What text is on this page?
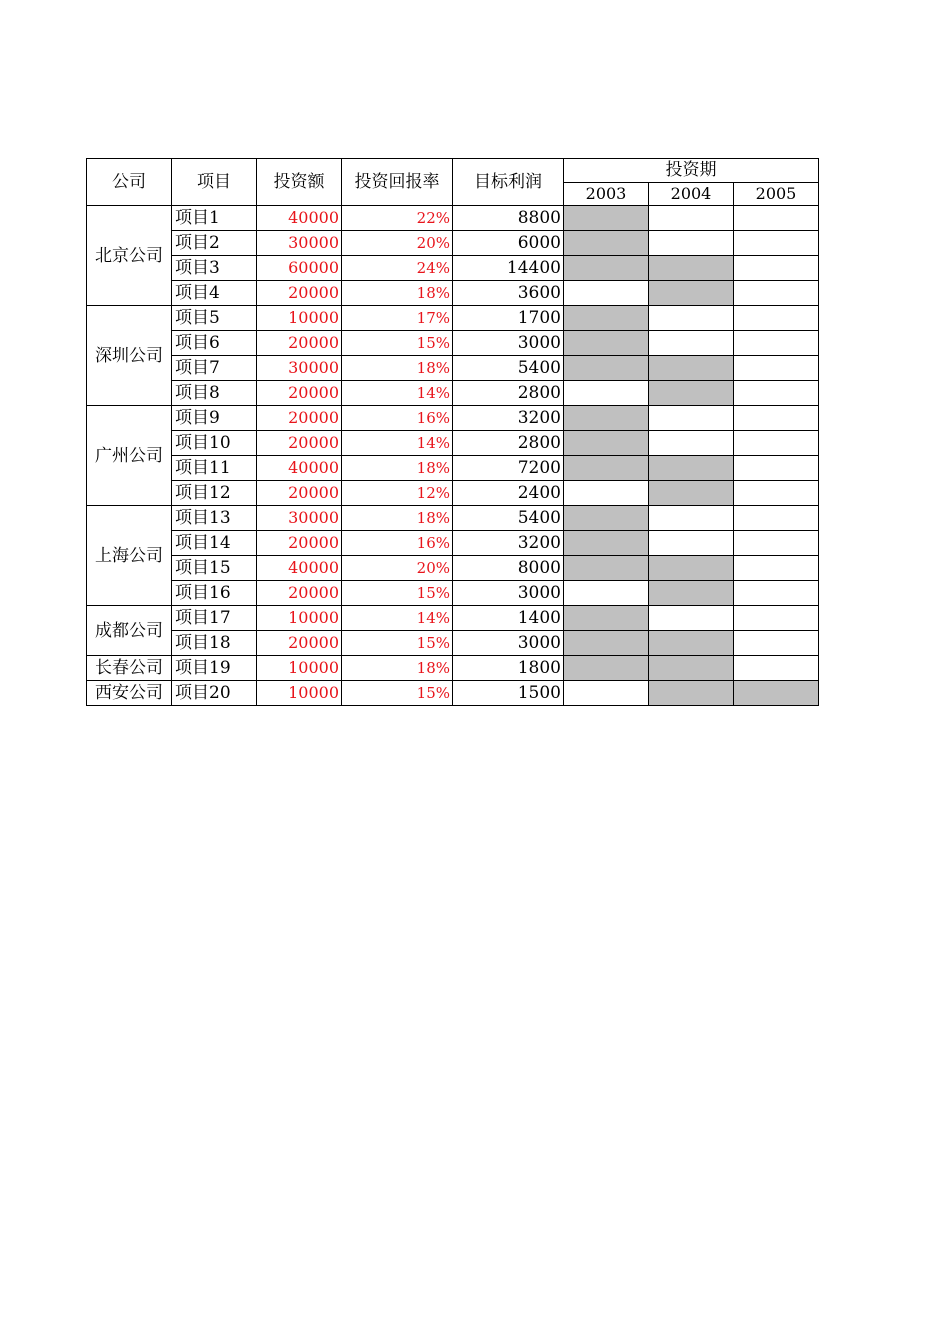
公司	项目	投资额	投资回报率	目标利润	投资期		
					2003	2004	2005
北京公司	项目1	40000	22%	8800			
	项目2	30000	20%	6000			
	项目3	60000	24%	14400			
	项目4	20000	18%	3600			
深圳公司	项目5	10000	17%	1700			
	项目6	20000	15%	3000			
	项目7	30000	18%	5400			
	项目8	20000	14%	2800			
广州公司	项目9	20000	16%	3200			
	项目10	20000	14%	2800			
	项目11	40000	18%	7200			
	项目12	20000	12%	2400			
上海公司	项目13	30000	18%	5400			
	项目14	20000	16%	3200			
	项目15	40000	20%	8000			
	项目16	20000	15%	3000			
成都公司	项目17	10000	14%	1400			
	项目18	20000	15%	3000			
长春公司	项目19	10000	18%	1800			
西安公司	项目20	10000	15%	1500			
